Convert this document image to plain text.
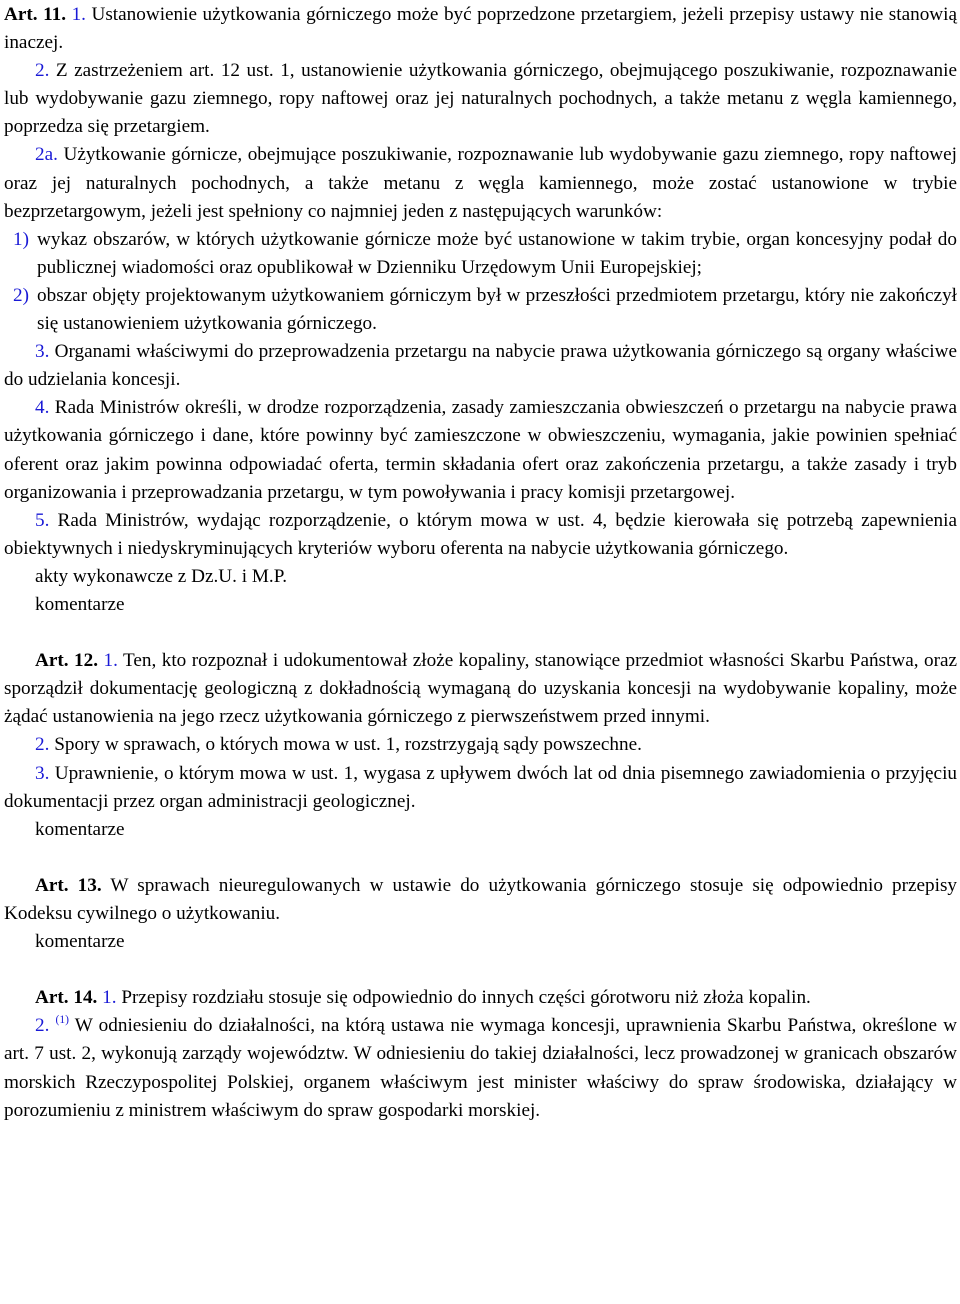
Art. 11. 1. Ustanowienie użytkowania górniczego może być poprzedzone przetargiem, jeżeli przepisy ustawy nie stanowią inaczej.

2. Z zastrzeżeniem art. 12 ust. 1, ustanowienie użytkowania górniczego, obejmującego poszukiwanie, rozpoznawanie lub wydobywanie gazu ziemnego, ropy naftowej oraz jej naturalnych pochodnych, a także metanu z węgla kamiennego, poprzedza się przetargiem.

2a. Użytkowanie górnicze, obejmujące poszukiwanie, rozpoznawanie lub wydobywanie gazu ziemnego, ropy naftowej oraz jej naturalnych pochodnych, a także metanu z węgla kamiennego, może zostać ustanowione w trybie bezprzetargowym, jeżeli jest spełniony co najmniej jeden z następujących warunków:

1) wykaz obszarów, w których użytkowanie górnicze może być ustanowione w takim trybie, organ koncesyjny podał do publicznej wiadomości oraz opublikował w Dzienniku Urzędowym Unii Europejskiej;
2) obszar objęty projektowanym użytkowaniem górniczym był w przeszłości przedmiotem przetargu, który nie zakończył się ustanowieniem użytkowania górniczego.

3. Organami właściwymi do przeprowadzenia przetargu na nabycie prawa użytkowania górniczego są organy właściwe do udzielania koncesji.

4. Rada Ministrów określi, w drodze rozporządzenia, zasady zamieszczania obwieszczeń o przetargu na nabycie prawa użytkowania górniczego i dane, które powinny być zamieszczone w obwieszczeniu, wymagania, jakie powinien spełniać oferent oraz jakim powinna odpowiadać oferta, termin składania ofert oraz zakończenia przetargu, a także zasady i tryb organizowania i przeprowadzania przetargu, w tym powoływania i pracy komisji przetargowej.

5. Rada Ministrów, wydając rozporządzenie, o którym mowa w ust. 4, będzie kierowała się potrzebą zapewnienia obiektywnych i niedyskryminujących kryteriów wyboru oferenta na nabycie użytkowania górniczego.

akty wykonawcze z Dz.U. i M.P.
komentarze

Art. 12. 1. Ten, kto rozpoznał i udokumentował złoże kopaliny, stanowiące przedmiot własności Skarbu Państwa, oraz sporządził dokumentację geologiczną z dokładnością wymaganą do uzyskania koncesji na wydobywanie kopaliny, może żądać ustanowienia na jego rzecz użytkowania górniczego z pierwszeństwem przed innymi.

2. Spory w sprawach, o których mowa w ust. 1, rozstrzygają sądy powszechne.

3. Uprawnienie, o którym mowa w ust. 1, wygasa z upływem dwóch lat od dnia pisemnego zawiadomienia o przyjęciu dokumentacji przez organ administracji geologicznej.

komentarze

Art. 13. W sprawach nieuregulowanych w ustawie do użytkowania górniczego stosuje się odpowiednio przepisy Kodeksu cywilnego o użytkowaniu.

komentarze

Art. 14. 1. Przepisy rozdziału stosuje się odpowiednio do innych części górotworu niż złoża kopalin.

2. $^{(1)}$ W odniesieniu do działalności, na którą ustawa nie wymaga koncesji, uprawnienia Skarbu Państwa, określone w art. 7 ust. 2, wykonują zarządy województw. W odniesieniu do takiej działalności, lecz prowadzonej w granicach obszarów morskich Rzeczypospolitej Polskiej, organem właściwym jest minister właściwy do spraw środowiska, działający w porozumieniu z ministrem właściwym do spraw gospodarki morskiej.
